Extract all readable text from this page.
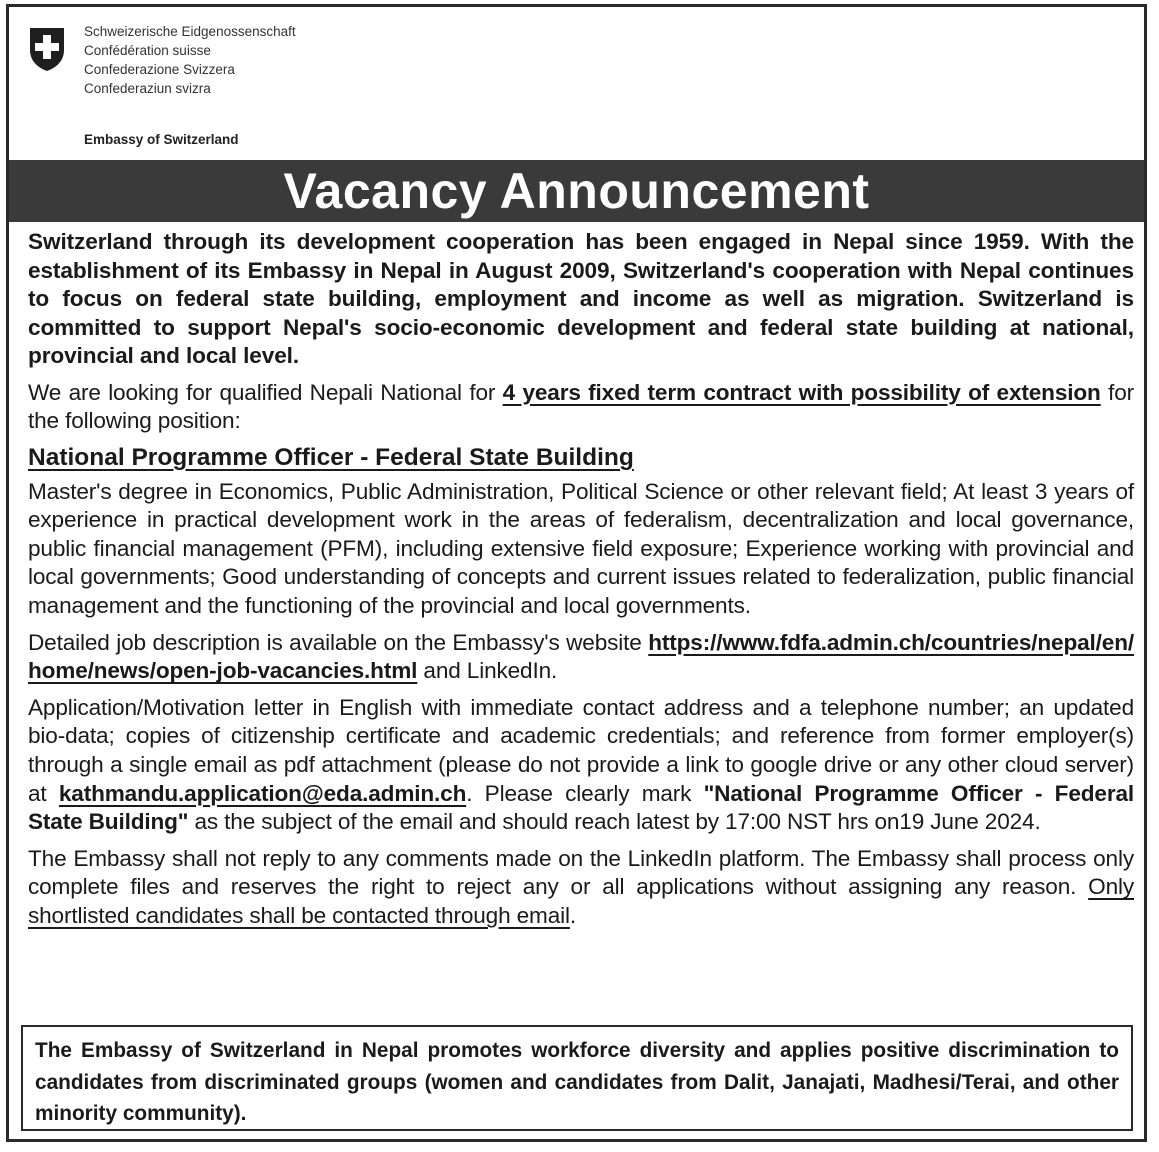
Schweizerische Eidgenossenschaft
Confédération suisse
Confederazione Svizzera
Confederaziun svizra
Embassy of Switzerland
Vacancy Announcement

Switzerland through its development cooperation has been engaged in Nepal since 1959. With the establishment of its Embassy in Nepal in August 2009, Switzerland's cooperation with Nepal continues to focus on federal state building, employment and income as well as migration. Switzerland is committed to support Nepal's socio-economic development and federal state building at national, provincial and local level.

We are looking for qualified Nepali National for 4 years fixed term contract with possibility of extension for the following position:

National Programme Officer - Federal State Building

Master's degree in Economics, Public Administration, Political Science or other relevant field; At least 3 years of experience in practical development work in the areas of federalism, decentralization and local governance, public financial management (PFM), including extensive field exposure; Experience working with provincial and local governments; Good understanding of concepts and current issues related to federalization, public financial management and the functioning of the provincial and local governments.

Detailed job description is available on the Embassy's website https://www.fdfa.admin.ch/countries/nepal/en/home/news/open-job-vacancies.html and LinkedIn.

Application/Motivation letter in English with immediate contact address and a telephone number; an updated bio-data; copies of citizenship certificate and academic credentials; and reference from former employer(s) through a single email as pdf attachment (please do not provide a link to google drive or any other cloud server) at kathmandu.application@eda.admin.ch. Please clearly mark "National Programme Officer - Federal State Building" as the subject of the email and should reach latest by 17:00 NST hrs on19 June 2024.

The Embassy shall not reply to any comments made on the LinkedIn platform. The Embassy shall process only complete files and reserves the right to reject any or all applications without assigning any reason. Only shortlisted candidates shall be contacted through email.

The Embassy of Switzerland in Nepal promotes workforce diversity and applies positive discrimination to candidates from discriminated groups (women and candidates from Dalit, Janajati, Madhesi/Terai, and other minority community).
